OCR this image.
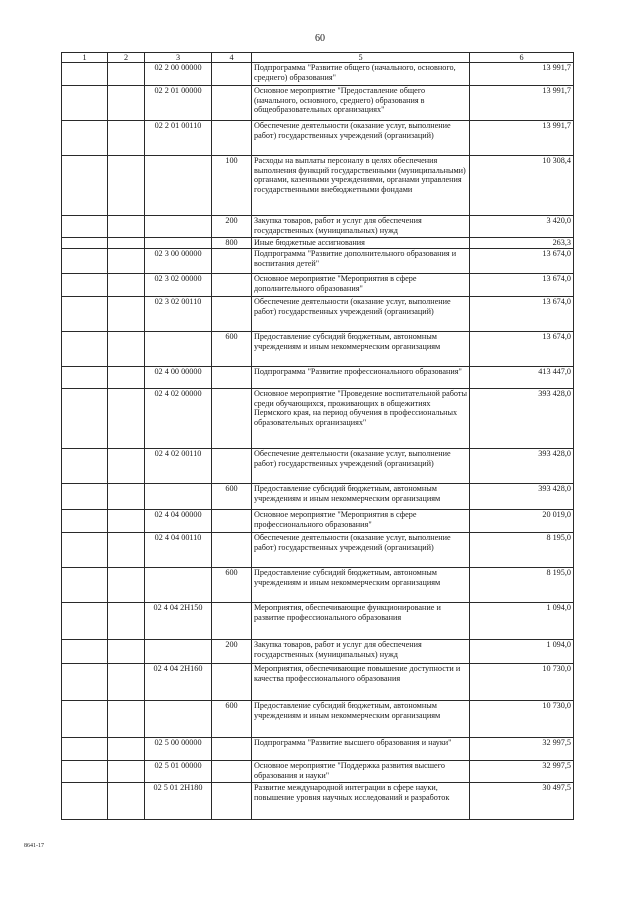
60
1	2	3	4	5	6
		02 2 00 00000		Подпрограмма "Развитие общего (начального, основного, среднего) образования"	13 991,7
		02 2 01 00000		Основное мероприятие "Предоставление общего (начального, основного, среднего) образования в общеобразовательных организациях"	13 991,7
		02 2 01 00110		Обеспечение деятельности (оказание услуг, выполнение работ) государственных учреждений (организаций)	13 991,7
			100	Расходы на выплаты персоналу в целях обеспечения выполнения функций государственными (муниципальными) органами, казенными учреждениями, органами управления государственными внебюджетными фондами	10 308,4
			200	Закупка товаров, работ и услуг для обеспечения государственных (муниципальных) нужд	3 420,0
			800	Иные бюджетные ассигнования	263,3
		02 3 00 00000		Подпрограмма "Развитие дополнительного образования и воспитания детей"	13 674,0
		02 3 02 00000		Основное мероприятие "Мероприятия в сфере дополнительного образования"	13 674,0
		02 3 02 00110		Обеспечение деятельности (оказание услуг, выполнение работ) государственных учреждений (организаций)	13 674,0
			600	Предоставление субсидий бюджетным, автономным учреждениям и иным некоммерческим организациям	13 674,0
		02 4 00 00000		Подпрограмма "Развитие профессионального образования"	413 447,0
		02 4 02 00000		Основное мероприятие "Проведение воспитательной работы среди обучающихся, проживающих в общежитиях Пермского края, на период обучения в профессиональных образовательных организациях"	393 428,0
		02 4 02 00110		Обеспечение деятельности (оказание услуг, выполнение работ) государственных учреждений (организаций)	393 428,0
			600	Предоставление субсидий бюджетным, автономным учреждениям и иным некоммерческим организациям	393 428,0
		02 4 04 00000		Основное мероприятие "Мероприятия в сфере профессионального образования"	20 019,0
		02 4 04 00110		Обеспечение деятельности (оказание услуг, выполнение работ) государственных учреждений (организаций)	8 195,0
			600	Предоставление субсидий бюджетным, автономным учреждениям и иным некоммерческим организациям	8 195,0
		02 4 04 2Н150		Мероприятия, обеспечивающие функционирование и развитие профессионального образования	1 094,0
			200	Закупка товаров, работ и услуг для обеспечения государственных (муниципальных) нужд	1 094,0
		02 4 04 2Н160		Мероприятия, обеспечивающие повышение доступности и качества профессионального образования	10 730,0
			600	Предоставление субсидий бюджетным, автономным учреждениям и иным некоммерческим организациям	10 730,0
		02 5 00 00000		Подпрограмма "Развитие высшего образования и науки"	32 997,5
		02 5 01 00000		Основное мероприятие "Поддержка развития высшего образования и науки"	32 997,5
		02 5 01 2Н180		Развитие международной интеграции в сфере науки, повышение уровня научных исследований и разработок	30 497,5
8641-17
